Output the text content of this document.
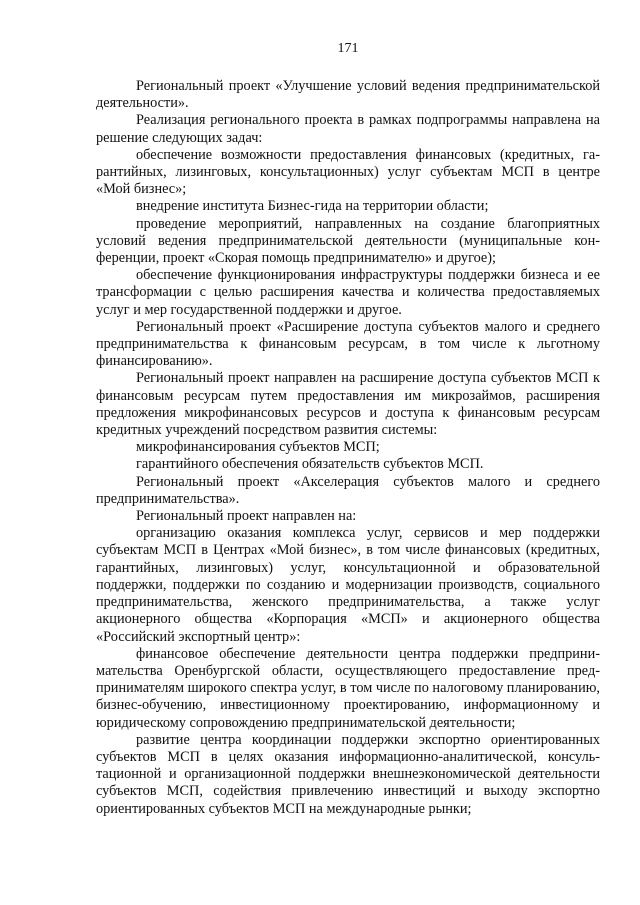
171

Региональный проект «Улучшение условий ведения предпринимательской деятельности».

Реализация регионального проекта в рамках подпрограммы направлена на решение следующих задач:

обеспечение возможности предоставления финансовых (кредитных, гарантийных, лизинговых, консультационных) услуг субъектам МСП в центре «Мой бизнес»;

внедрение института Бизнес-гида на территории области;

проведение мероприятий, направленных на создание благоприятных условий ведения предпринимательской деятельности (муниципальные конференции, проект «Скорая помощь предпринимателю» и другое);

обеспечение функционирования инфраструктуры поддержки бизнеса и ее трансформации с целью расширения качества и количества предоставляемых услуг и мер государственной поддержки и другое.

Региональный проект «Расширение доступа субъектов малого и среднего предпринимательства к финансовым ресурсам, в том числе к льготному финансированию».

Региональный проект направлен на расширение доступа субъектов МСП к финансовым ресурсам путем предоставления им микрозаймов, расширения предложения микрофинансовых ресурсов и доступа к финансовым ресурсам кредитных учреждений посредством развития системы:

микрофинансирования субъектов МСП;

гарантийного обеспечения обязательств субъектов МСП.

Региональный проект «Акселерация субъектов малого и среднего предпринимательства».

Региональный проект направлен на:

организацию оказания комплекса услуг, сервисов и мер поддержки субъектам МСП в Центрах «Мой бизнес», в том числе финансовых (кредитных, гарантийных, лизинговых) услуг, консультационной и образовательной поддержки, поддержки по созданию и модернизации производств, социального предпринимательства, женского предпринимательства, а также услуг акционерного общества «Корпорация «МСП» и акционерного общества «Российский экспортный центр»:

финансовое обеспечение деятельности центра поддержки предпринимательства Оренбургской области, осуществляющего предоставление предпринимателям широкого спектра услуг, в том числе по налоговому планированию, бизнес-обучению, инвестиционному проектированию, информационному и юридическому сопровождению предпринимательской деятельности;

развитие центра координации поддержки экспортно ориентированных субъектов МСП в целях оказания информационно-аналитической, консультационной и организационной поддержки внешнеэкономической деятельности субъектов МСП, содействия привлечению инвестиций и выходу экспортно ориентированных субъектов МСП на международные рынки;
